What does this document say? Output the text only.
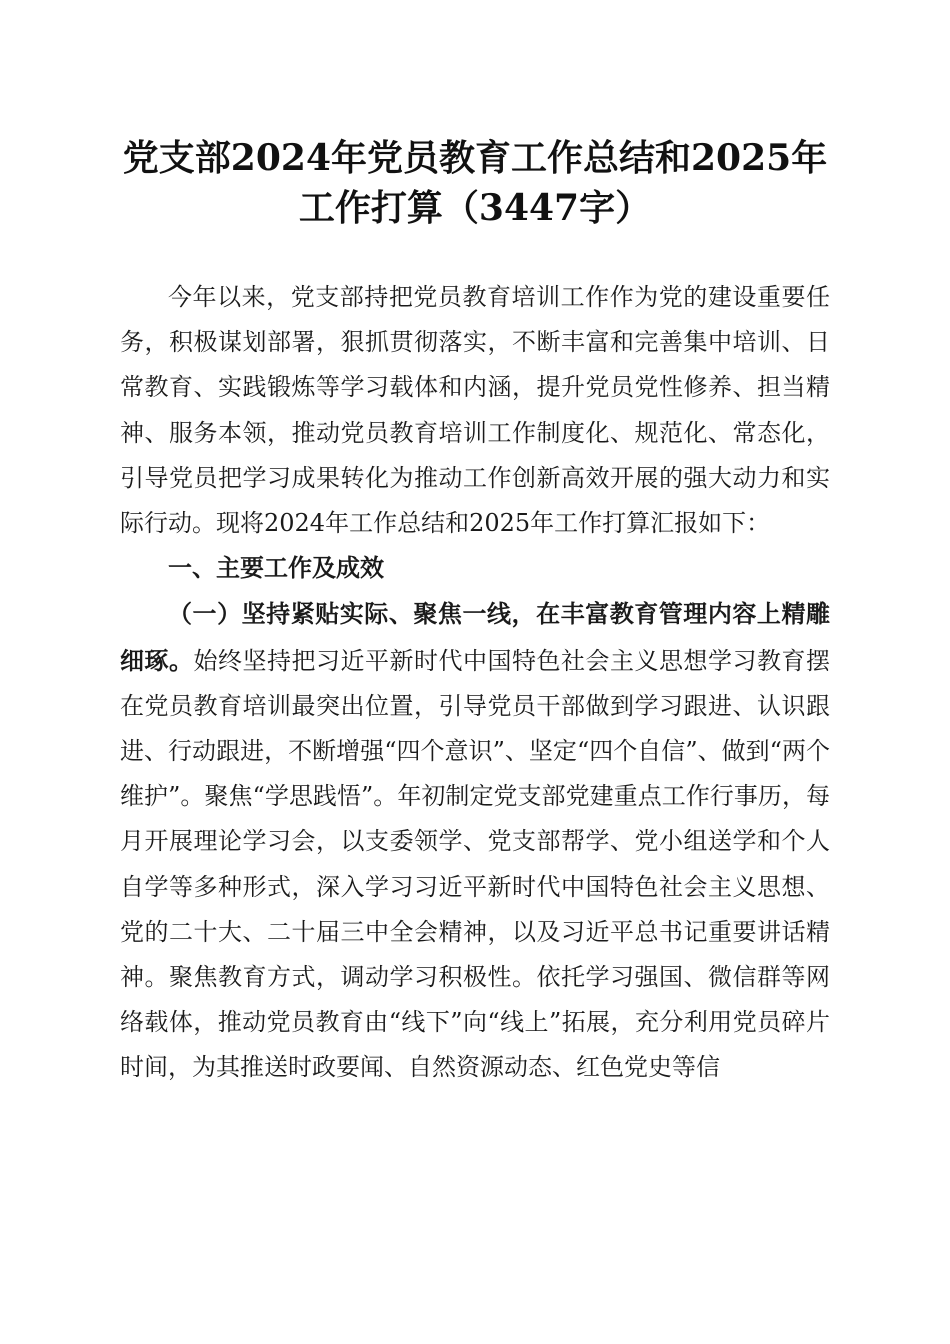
党支部2024年党员教育工作总结和2025年工作打算（3447字）

今年以来，党支部持把党员教育培训工作作为党的建设重要任务，积极谋划部署，狠抓贯彻落实，不断丰富和完善集中培训、日常教育、实践锻炼等学习载体和内涵，提升党员党性修养、担当精神、服务本领，推动党员教育培训工作制度化、规范化、常态化，引导党员把学习成果转化为推动工作创新高效开展的强大动力和实际行动。现将2024年工作总结和2025年工作打算汇报如下：

一、主要工作及成效

（一）坚持紧贴实际、聚焦一线，在丰富教育管理内容上精雕细琢。始终坚持把习近平新时代中国特色社会主义思想学习教育摆在党员教育培训最突出位置，引导党员干部做到学习跟进、认识跟进、行动跟进，不断增强“四个意识”、坚定“四个自信”、做到“两个维护”。聚焦“学思践悟”。年初制定党支部党建重点工作行事历，每月开展理论学习会，以支委领学、党支部帮学、党小组送学和个人自学等多种形式，深入学习习近平新时代中国特色社会主义思想、党的二十大、二十届三中全会精神，以及习近平总书记重要讲话精神。聚焦教育方式，调动学习积极性。依托学习强国、微信群等网络载体，推动党员教育由“线下”向“线上”拓展，充分利用党员碎片时间，为其推送时政要闻、自然资源动态、红色党史等信
